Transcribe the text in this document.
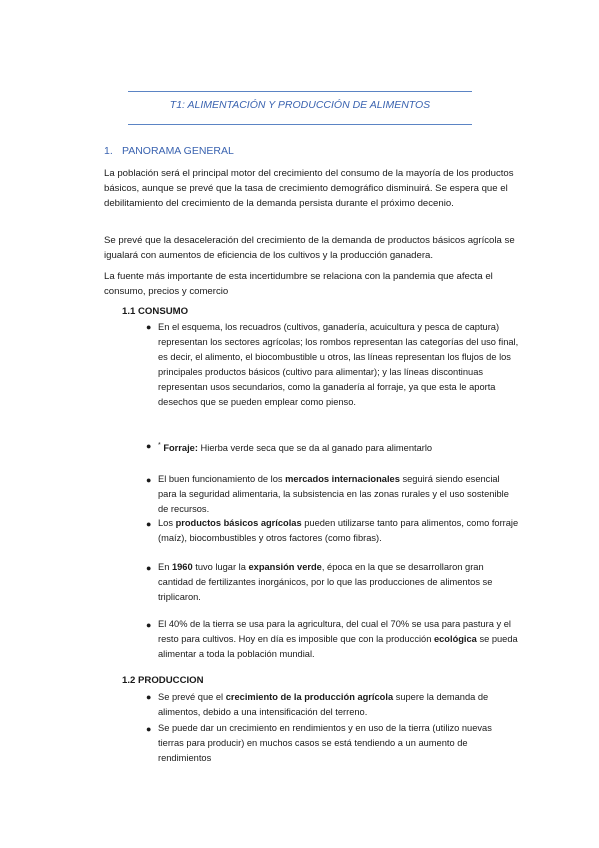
T1: ALIMENTACIÓN Y PRODUCCIÓN DE ALIMENTOS
1. PANORAMA GENERAL
La población será el principal motor del crecimiento del consumo de la mayoría de los productos básicos, aunque se prevé que la tasa de crecimiento demográfico disminuirá. Se espera que el debilitamiento del crecimiento de la demanda persista durante el próximo decenio.
Se prevé que la desaceleración del crecimiento de la demanda de productos básicos agrícola se igualará con aumentos de eficiencia de los cultivos y la producción ganadera.
La fuente más importante de esta incertidumbre se relaciona con la pandemia que afecta el consumo, precios y comercio
1.1 CONSUMO
● En el esquema, los recuadros (cultivos, ganadería, acuicultura y pesca de captura) representan los sectores agrícolas; los rombos representan las categorías del uso final, es decir, el alimento, el biocombustible u otros, las líneas representan los flujos de los principales productos básicos (cultivo para alimentar); y las líneas discontinuas representan usos secundarios, como la ganadería al forraje, ya que esta le aporta desechos que se pueden emplear como pienso.
● * Forraje: Hierba verde seca que se da al ganado para alimentarlo
● El buen funcionamiento de los mercados internacionales seguirá siendo esencial para la seguridad alimentaria, la subsistencia en las zonas rurales y el uso sostenible de recursos.
● Los productos básicos agrícolas pueden utilizarse tanto para alimentos, como forraje (maíz), biocombustibles y otros factores (como fibras).
● En 1960 tuvo lugar la expansión verde, época en la que se desarrollaron gran cantidad de fertilizantes inorgánicos, por lo que las producciones de alimentos se triplicaron.
● El 40% de la tierra se usa para la agricultura, del cual el 70% se usa para pastura y el resto para cultivos. Hoy en día es imposible que con la producción ecológica se pueda alimentar a toda la población mundial.
1.2 PRODUCCION
● Se prevé que el crecimiento de la producción agrícola supere la demanda de alimentos, debido a una intensificación del terreno.
● Se puede dar un crecimiento en rendimientos y en uso de la tierra (utilizo nuevas tierras para producir) en muchos casos se está tendiendo a un aumento de rendimientos
